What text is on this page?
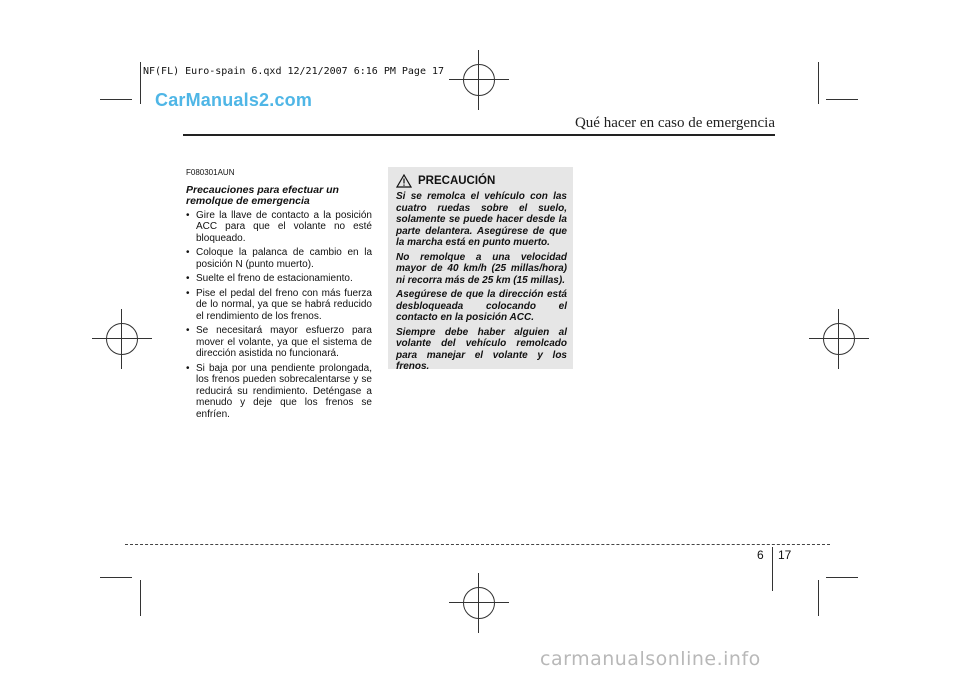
NF(FL) Euro-spain 6.qxd 12/21/2007 6:16 PM Page 17
CarManuals2.com
Qué hacer en caso de emergencia
F080301AUN
Precauciones para efectuar un remolque de emergencia
• Gire la llave de contacto a la posición ACC para que el volante no esté bloqueado.
• Coloque la palanca de cambio en la posición N (punto muerto).
• Suelte el freno de estacionamiento.
• Pise el pedal del freno con más fuerza de lo normal, ya que se habrá reducido el rendimiento de los frenos.
• Se necesitará mayor esfuerzo para mover el volante, ya que el sistema de dirección asistida no funcionará.
• Si baja por una pendiente prolongada, los frenos pueden sobrecalentarse y se reducirá su rendimiento. Deténgase a menudo y deje que los frenos se enfríen.
PRECAUCIÓN

Si se remolca el vehículo con las cuatro ruedas sobre el suelo, solamente se puede hacer desde la parte delantera. Asegúrese de que la marcha está en punto muerto.

No remolque a una velocidad mayor de 40 km/h (25 millas/hora) ni recorra más de 25 km (15 millas).

Asegúrese de que la dirección está desbloqueada colocando el contacto en la posición ACC.

Siempre debe haber alguien al volante del vehículo remolcado para manejar el volante y los frenos.

6 17
carmanualsonline.info
